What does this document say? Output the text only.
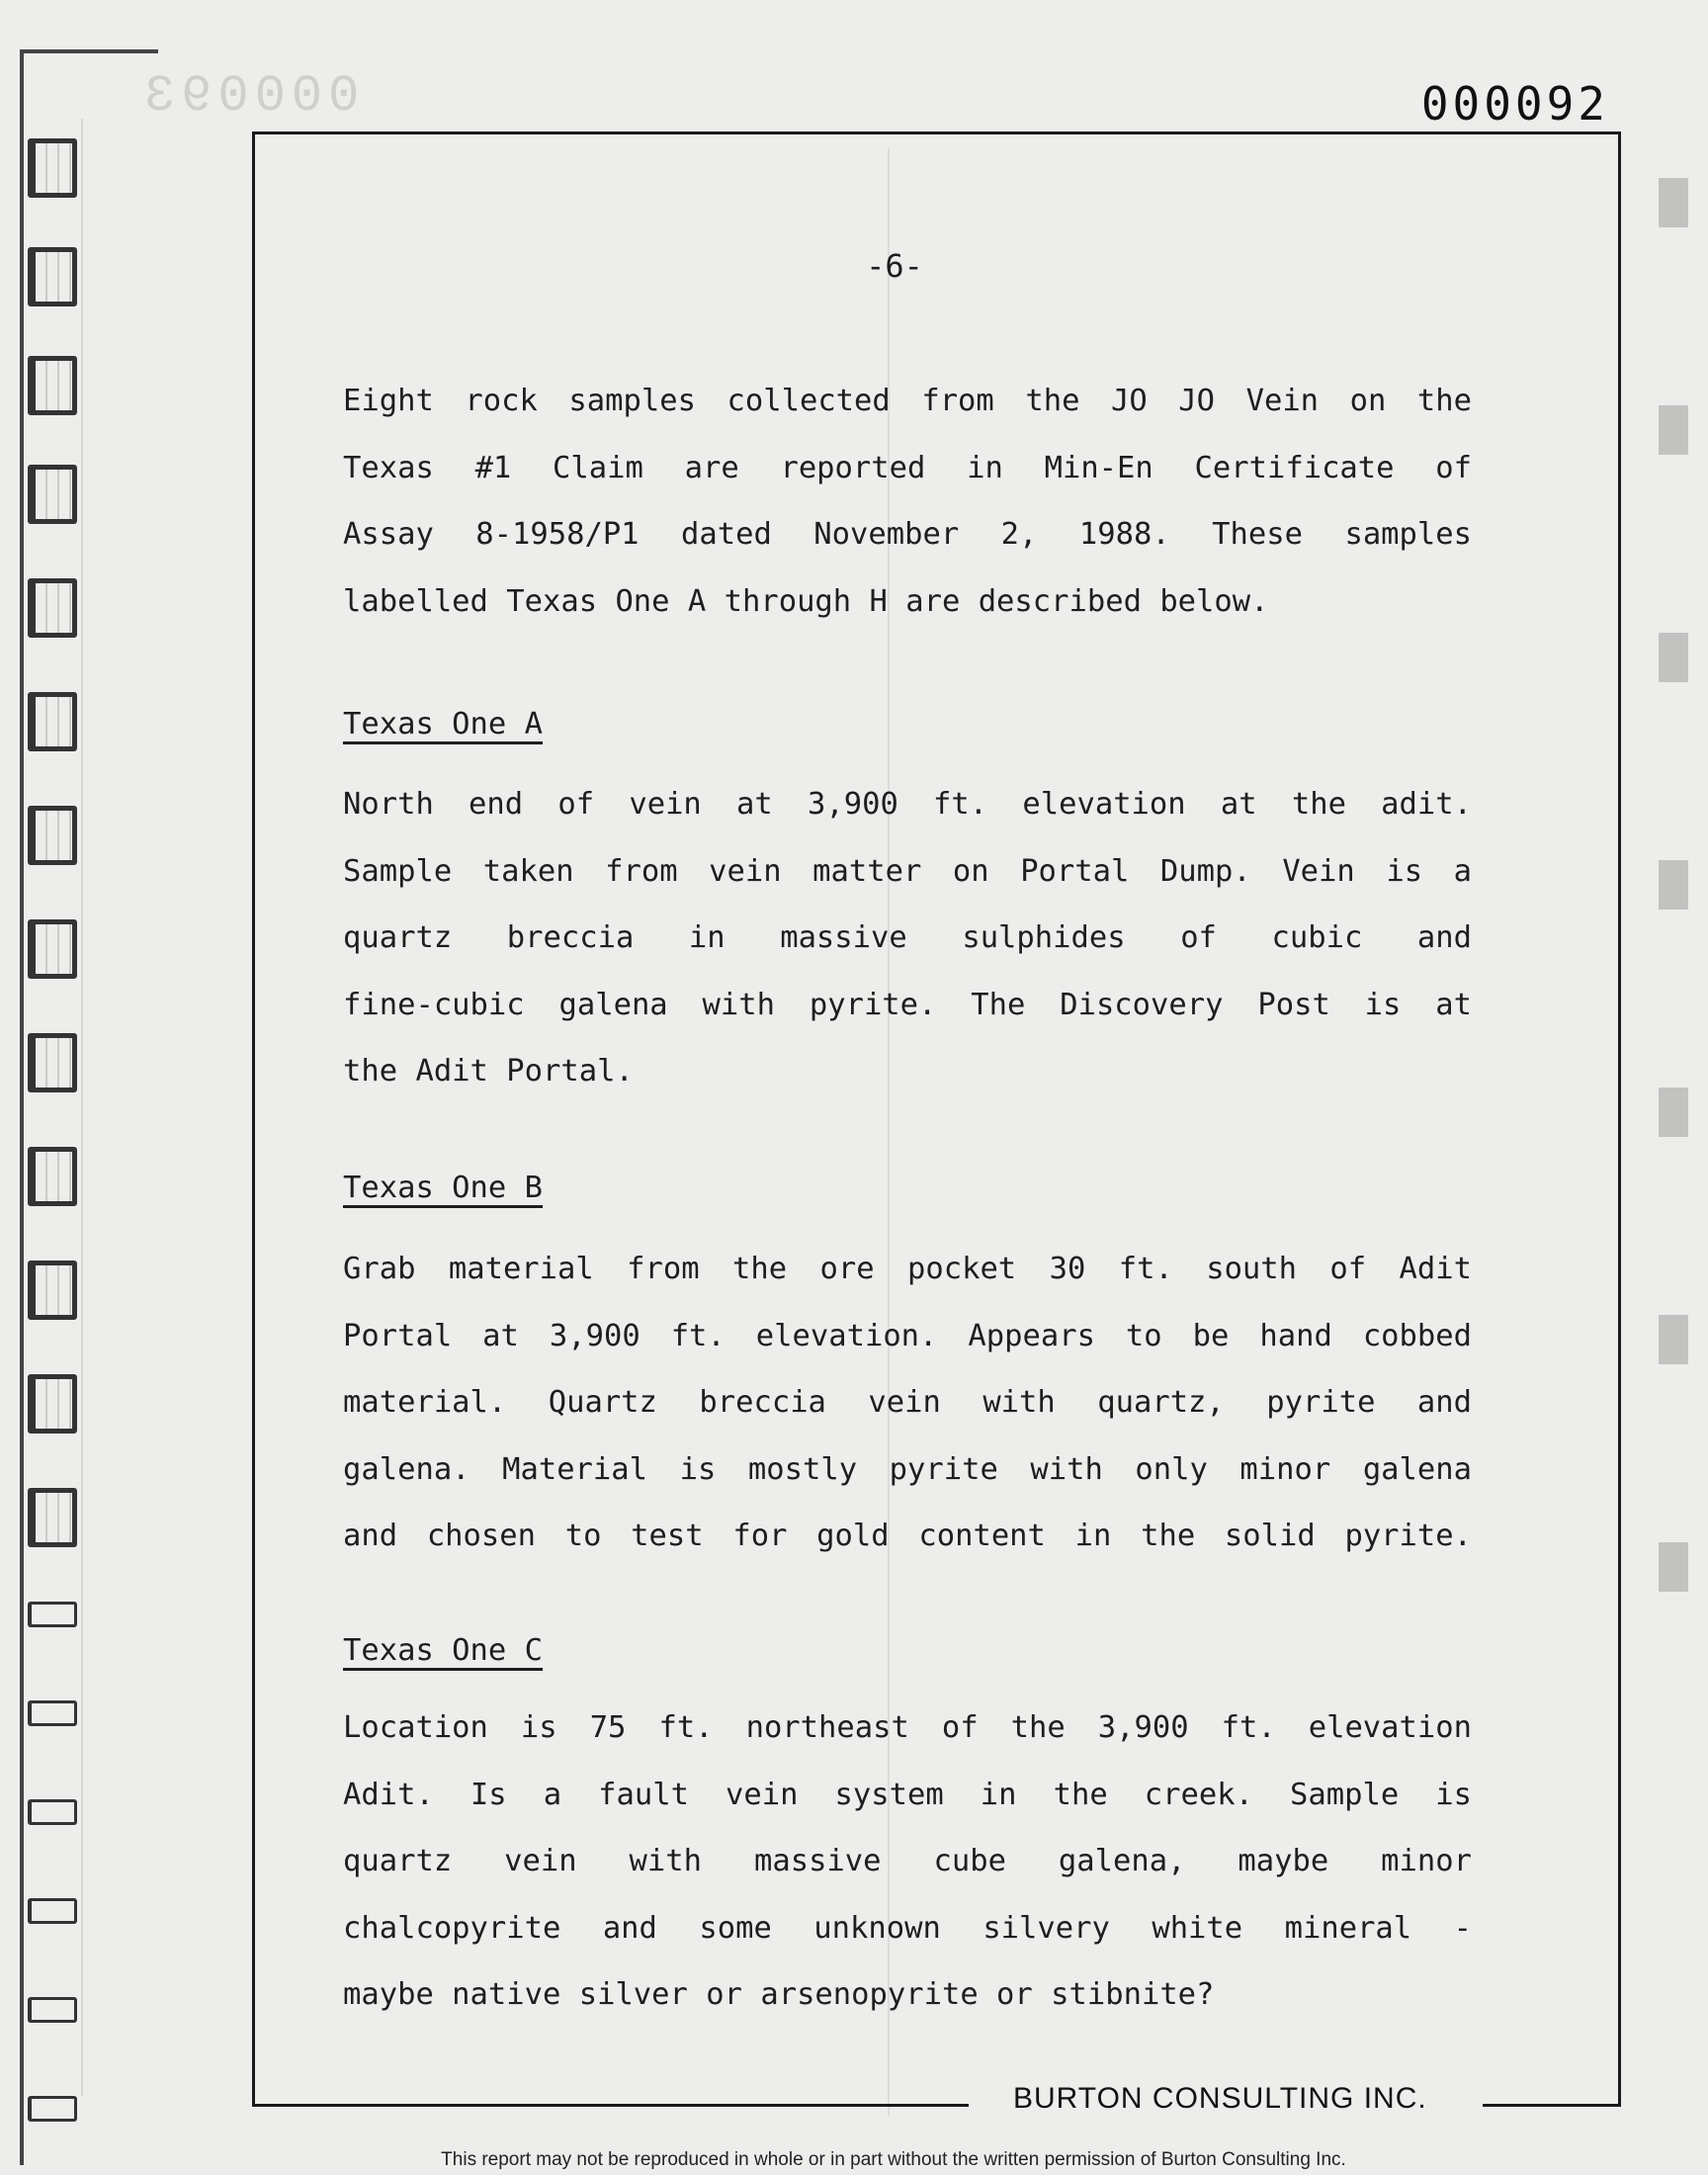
000093	000092
-6-
Eight rock samples collected from the JO JO Vein on the
Texas #1 Claim are reported in Min-En Certificate of
Assay 8-1958/P1 dated November 2, 1988. These samples
labelled Texas One A through H are described below.
Texas One A
North end of vein at 3,900 ft. elevation at the adit.
Sample taken from vein matter on Portal Dump. Vein is a
quartz breccia in massive sulphides of cubic and
fine-cubic galena with pyrite. The Discovery Post is at
the Adit Portal.
Texas One B
Grab material from the ore pocket 30 ft. south of Adit
Portal at 3,900 ft. elevation. Appears to be hand cobbed
material. Quartz breccia vein with quartz, pyrite and
galena. Material is mostly pyrite with only minor galena
and chosen to test for gold content in the solid pyrite.
Texas One C
Location is 75 ft. northeast of the 3,900 ft. elevation
Adit. Is a fault vein system in the creek. Sample is
quartz vein with massive cube galena, maybe minor
chalcopyrite and some unknown silvery white mineral -
maybe native silver or arsenopyrite or stibnite?
BURTON CONSULTING INC.
This report may not be reproduced in whole or in part without the written permission of Burton Consulting Inc.
